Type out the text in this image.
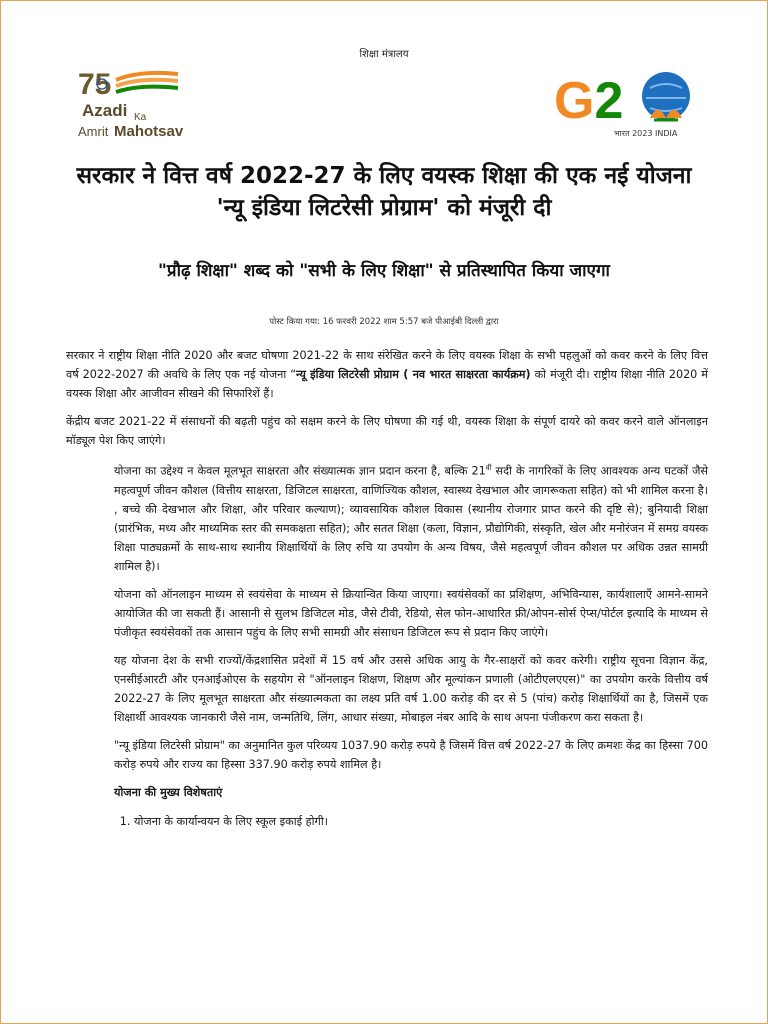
शिक्षा मंत्रालय
75
Azadi Ka
Amrit Mahotsav
G2
भारत 2023 INDIA
सरकार ने वित्त वर्ष 2022-27 के लिए वयस्क शिक्षा की एक नई योजना 'न्यू इंडिया लिटरेसी प्रोग्राम' को मंजूरी दी
"प्रौढ़ शिक्षा" शब्द को "सभी के लिए शिक्षा" से प्रतिस्थापित किया जाएगा
पोस्ट किया गया: 16 फरवरी 2022 शाम 5:57 बजे पीआईबी दिल्ली द्वारा

सरकार ने राष्ट्रीय शिक्षा नीति 2020 और बजट घोषणा 2021-22 के साथ संरेखित करने के लिए वयस्क शिक्षा के सभी पहलुओं को कवर करने के लिए वित्त वर्ष 2022-2027 की अवधि के लिए एक नई योजना “न्यू इंडिया लिटरेसी प्रोग्राम ( नव भारत साक्षरता कार्यक्रम) को मंजूरी दी। राष्ट्रीय शिक्षा नीति 2020 में वयस्क शिक्षा और आजीवन सीखने की सिफारिशें हैं।

केंद्रीय बजट 2021-22 में संसाधनों की बढ़ती पहुंच को सक्षम करने के लिए घोषणा की गई थी, वयस्क शिक्षा के संपूर्ण दायरे को कवर करने वाले ऑनलाइन मॉड्यूल पेश किए जाएंगे।

योजना का उद्देश्य न केवल मूलभूत साक्षरता और संख्यात्मक ज्ञान प्रदान करना है, बल्कि $21^{वीं}$ सदी के नागरिकों के लिए आवश्यक अन्य घटकों जैसे महत्वपूर्ण जीवन कौशल (वित्तीय साक्षरता, डिजिटल साक्षरता, वाणिज्यिक कौशल, स्वास्थ्य देखभाल और जागरूकता सहित) को भी शामिल करना है। , बच्चे की देखभाल और शिक्षा, और परिवार कल्याण); व्यावसायिक कौशल विकास (स्थानीय रोजगार प्राप्त करने की दृष्टि से); बुनियादी शिक्षा (प्रारंभिक, मध्य और माध्यमिक स्तर की समकक्षता सहित); और सतत शिक्षा (कला, विज्ञान, प्रौद्योगिकी, संस्कृति, खेल और मनोरंजन में समग्र वयस्क शिक्षा पाठ्यक्रमों के साथ-साथ स्थानीय शिक्षार्थियों के लिए रुचि या उपयोग के अन्य विषय, जैसे महत्वपूर्ण जीवन कौशल पर अधिक उन्नत सामग्री शामिल है)।

योजना को ऑनलाइन माध्यम से स्वयंसेवा के माध्यम से क्रियान्वित किया जाएगा। स्वयंसेवकों का प्रशिक्षण, अभिविन्यास, कार्यशालाएँ आमने-सामने आयोजित की जा सकती हैं। आसानी से सुलभ डिजिटल मोड, जैसे टीवी, रेडियो, सेल फोन-आधारित फ्री/ओपन-सोर्स ऐप्स/पोर्टल इत्यादि के माध्यम से पंजीकृत स्वयंसेवकों तक आसान पहुंच के लिए सभी सामग्री और संसाधन डिजिटल रूप से प्रदान किए जाएंगे।

यह योजना देश के सभी राज्यों/केंद्रशासित प्रदेशों में 15 वर्ष और उससे अधिक आयु के गैर-साक्षरों को कवर करेगी। राष्ट्रीय सूचना विज्ञान केंद्र, एनसीईआरटी और एनआईओएस के सहयोग से "ऑनलाइन शिक्षण, शिक्षण और मूल्यांकन प्रणाली (ओटीएलएएस)" का उपयोग करके वित्तीय वर्ष 2022-27 के लिए मूलभूत साक्षरता और संख्यात्मकता का लक्ष्य प्रति वर्ष 1.00 करोड़ की दर से 5 (पांच) करोड़ शिक्षार्थियों का है, जिसमें एक शिक्षार्थी आवश्यक जानकारी जैसे नाम, जन्मतिथि, लिंग, आधार संख्या, मोबाइल नंबर आदि के साथ अपना पंजीकरण करा सकता है।

"न्यू इंडिया लिटरेसी प्रोग्राम" का अनुमानित कुल परिव्यय 1037.90 करोड़ रुपये है जिसमें वित्त वर्ष 2022-27 के लिए क्रमशः केंद्र का हिस्सा 700 करोड़ रुपये और राज्य का हिस्सा 337.90 करोड़ रुपये शामिल है।

योजना की मुख्य विशेषताएं

1. योजना के कार्यान्वयन के लिए स्कूल इकाई होगी।
